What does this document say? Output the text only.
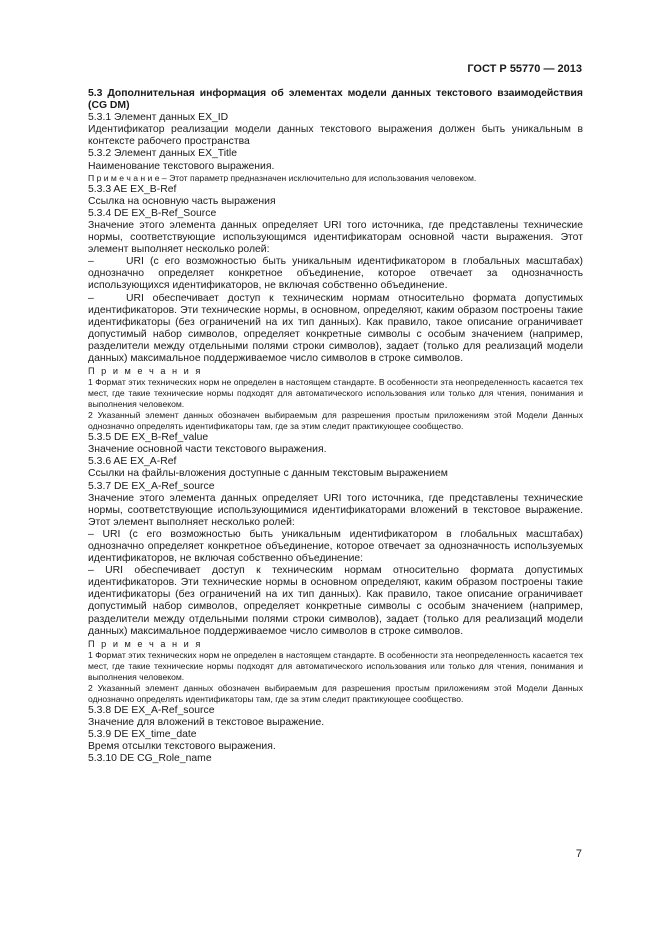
ГОСТ Р 55770 — 2013

5.3 Дополнительная информация об элементах модели данных текстового взаимодействия (CG DM)

5.3.1 Элемент данных EX_ID

Идентификатор реализации модели данных текстового выражения должен быть уникальным в контексте рабочего пространства

5.3.2 Элемент данных EX_Title

Наименование текстового выражения.

П р и м е ч а н и е – Этот параметр предназначен исключительно для использования человеком.

5.3.3 AE EX_B-Ref

Ссылка на основную часть выражения

5.3.4 DE EX_B-Ref_Source

Значение этого элемента данных определяет URI того источника, где представлены технические нормы, соответствующие использующимся идентификаторам основной части выражения. Этот элемент выполняет несколько ролей:

–	URI (с его возможностью быть уникальным идентификатором в глобальных масштабах) однозначно определяет конкретное объединение, которое отвечает за однозначность использующихся идентификаторов, не включая собственно объединение.

–	URI обеспечивает доступ к техническим нормам относительно формата допустимых идентификаторов. Эти технические нормы, в основном, определяют, каким образом построены такие идентификаторы (без ограничений на их тип данных). Как правило, такое описание ограничивает допустимый набор символов, определяет конкретные символы с особым значением (например, разделители между отдельными полями строки символов), задает (только для реализаций модели данных) максимальное поддерживаемое число символов в строке символов.

П р и м е ч а н и я

1 Формат этих технических норм не определен в настоящем стандарте. В особенности эта неопределенность касается тех мест, где такие технические нормы подходят для автоматического использования или только для чтения, понимания и выполнения человеком.

2 Указанный элемент данных обозначен выбираемым для разрешения простым приложениям этой Модели Данных однозначно определять идентификаторы там, где за этим следит практикующее сообщество.

5.3.5 DE EX_B-Ref_value

Значение основной части текстового выражения.

5.3.6 AE EX_A-Ref

Ссылки на файлы-вложения доступные с данным текстовым выражением

5.3.7 DE EX_A-Ref_source

Значение этого элемента данных определяет URI того источника, где представлены технические нормы, соответствующие использующимися идентификаторами вложений в текстовое выражение. Этот элемент выполняет несколько ролей:

– URI (с его возможностью быть уникальным идентификатором в глобальных масштабах) однозначно определяет конкретное объединение, которое отвечает за однозначность используемых идентификаторов, не включая собственно объединение:

– URI обеспечивает доступ к техническим нормам относительно формата допустимых идентификаторов. Эти технические нормы в основном определяют, каким образом построены такие идентификаторы (без ограничений на их тип данных). Как правило, такое описание ограничивает допустимый набор символов, определяет конкретные символы с особым значением (например, разделители между отдельными полями строки символов), задает (только для реализаций модели данных) максимальное поддерживаемое число символов в строке символов.

П р и м е ч а н и я

1 Формат этих технических норм не определен в настоящем стандарте. В особенности эта неопределенность касается тех мест, где такие технические нормы подходят для автоматического использования или только для чтения, понимания и выполнения человеком.

2 Указанный элемент данных обозначен выбираемым для разрешения простым приложениям этой Модели Данных однозначно определять идентификаторы там, где за этим следит практикующее сообщество.

5.3.8 DE EX_A-Ref_source

Значение для вложений в текстовое выражение.

5.3.9 DE EX_time_date

Время отсылки текстового выражения.

5.3.10 DE CG_Role_name

7
